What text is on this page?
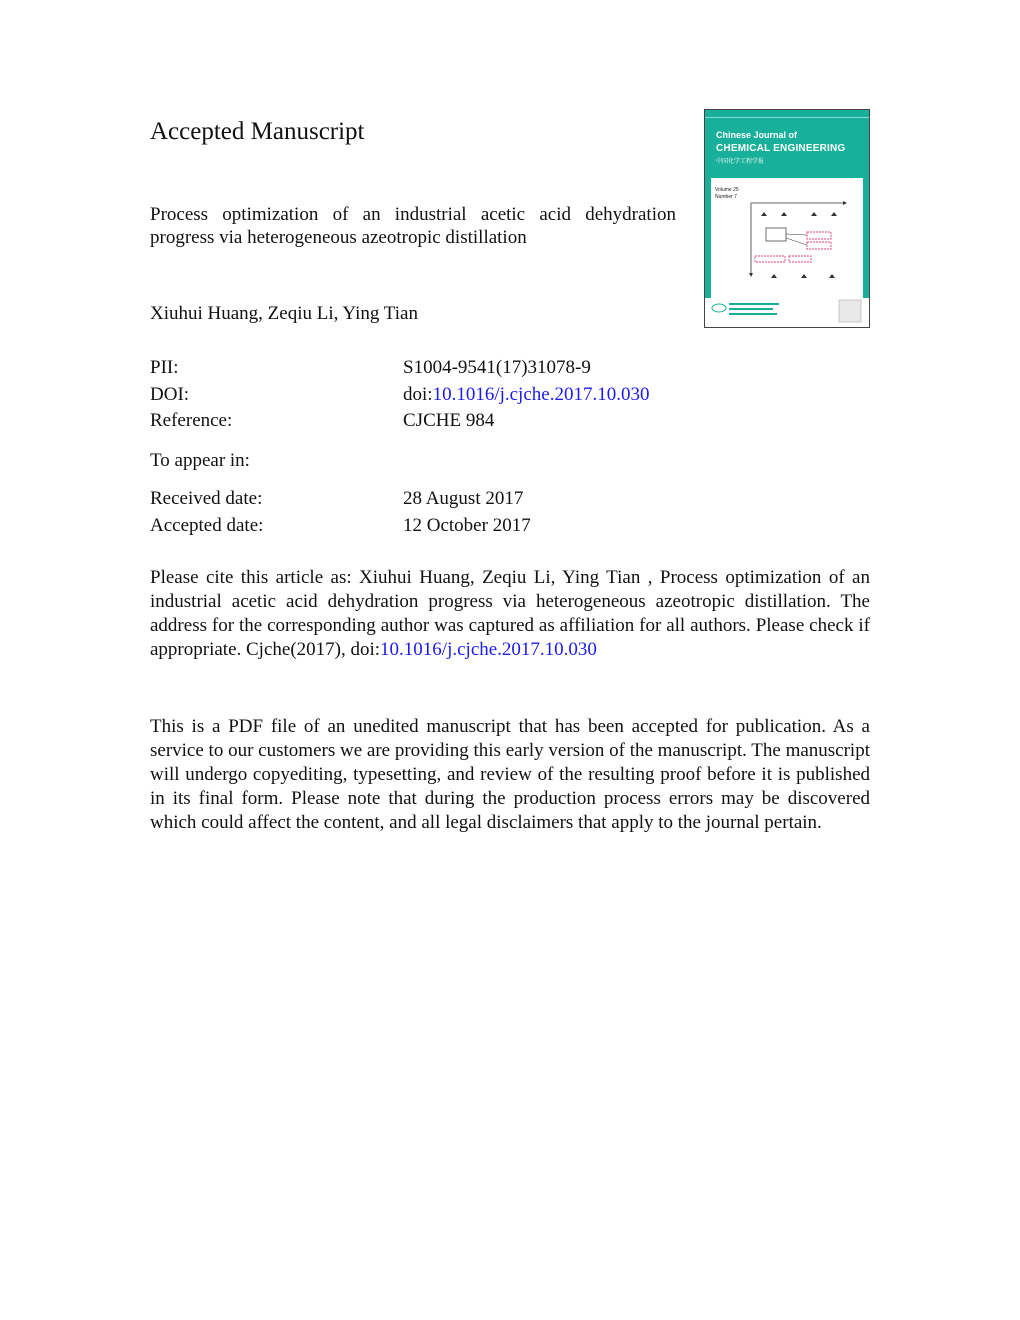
Accepted Manuscript	Chinese Journal of
CHEMICAL ENGINEERING
中国化学工程学报
Volume 25
Number 7
Process optimization of an industrial acetic acid dehydration progress via heterogeneous azeotropic distillation
Xiuhui Huang, Zeqiu Li, Ying Tian
PII:	S1004-9541(17)31078-9
DOI:	doi:10.1016/j.cjche.2017.10.030
Reference:	CJCHE 984
To appear in:
Received date:	28 August 2017
Accepted date:	12 October 2017
Please cite this article as: Xiuhui Huang, Zeqiu Li, Ying Tian , Process optimization of an industrial acetic acid dehydration progress via heterogeneous azeotropic distillation. The address for the corresponding author was captured as affiliation for all authors. Please check if appropriate. Cjche(2017), doi:10.1016/j.cjche.2017.10.030
This is a PDF file of an unedited manuscript that has been accepted for publication. As a service to our customers we are providing this early version of the manuscript. The manuscript will undergo copyediting, typesetting, and review of the resulting proof before it is published in its final form. Please note that during the production process errors may be discovered which could affect the content, and all legal disclaimers that apply to the journal pertain.
